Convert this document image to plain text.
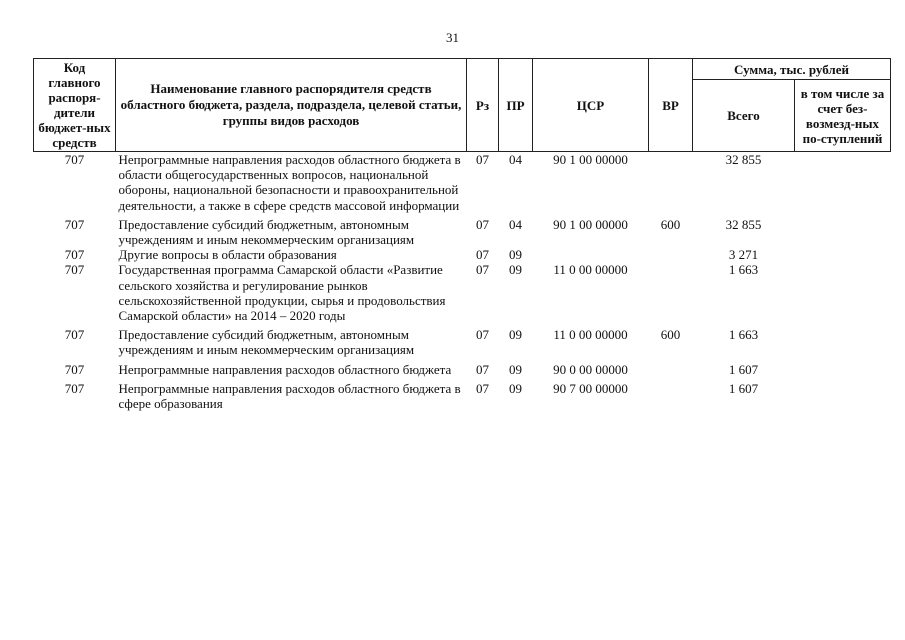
31
Код главного распоря-дители бюджет-ных средств	Наименование главного распорядителя средств областного бюджета, раздела, подраздела, целевой статьи, группы видов расходов	Рз	ПР	ЦСР	ВР	Сумма, тыс. рублей	
						Всего	в том числе за счет без-возмезд-ных по-ступлений
707	Непрограммные направления расходов областного бюджета в области общегосударственных вопросов, национальной обороны, национальной безопасности и правоохранительной деятельности, а также в сфере средств массовой информации	07	04	90 1 00 00000		32 855	
707	Предоставление субсидий бюджетным, автономным учреждениям и иным некоммерческим организациям	07	04	90 1 00 00000	600	32 855	
707	Другие вопросы в области образования	07	09			3 271	
707	Государственная программа Самарской области «Развитие сельского хозяйства и регулирование рынков сельскохозяйственной продукции, сырья и продовольствия Самарской области» на 2014 – 2020 годы	07	09	11 0 00 00000		1 663	
707	Предоставление субсидий бюджетным, автономным учреждениям и иным некоммерческим организациям	07	09	11 0 00 00000	600	1 663	
707	Непрограммные направления расходов областного бюджета	07	09	90 0 00 00000		1 607	
707	Непрограммные направления расходов областного бюджета в сфере образования	07	09	90 7 00 00000		1 607	
